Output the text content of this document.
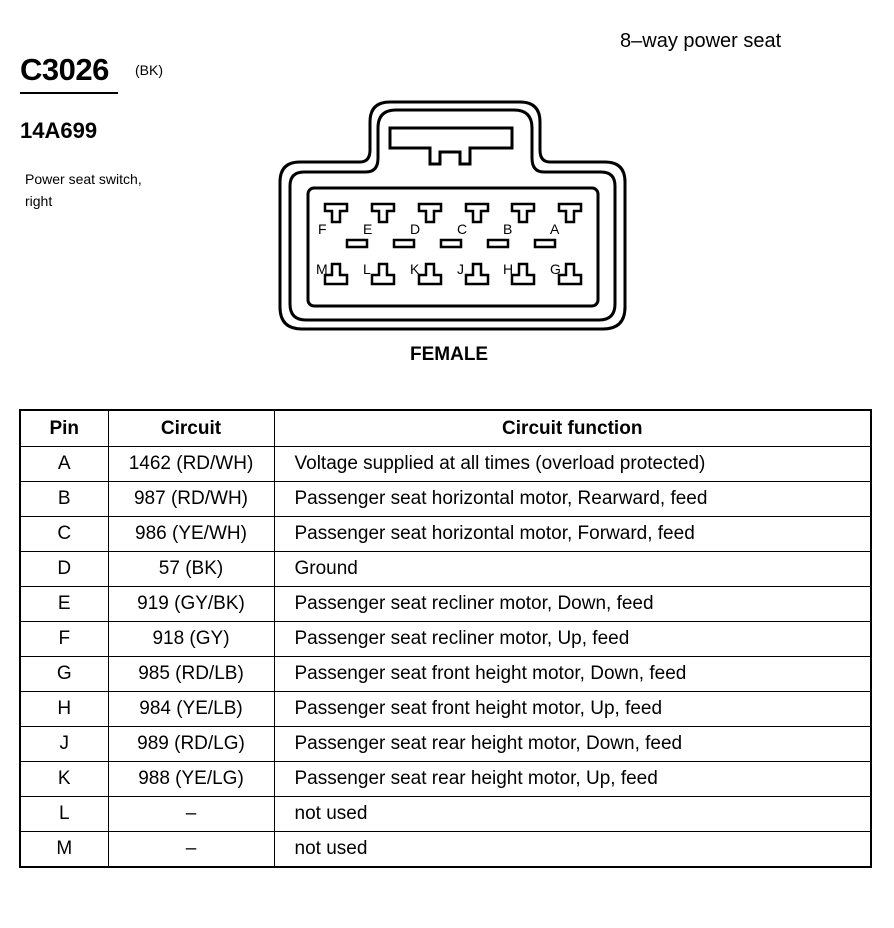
C3026 (BK)
14A699
Power seat switch,
right
8–way power seat
F	E	D	C	B	A
M	L	K	J	H	G
FEMALE
Pin	Circuit	Circuit function
A	1462 (RD/WH)	Voltage supplied at all times (overload protected)
B	987 (RD/WH)	Passenger seat horizontal motor, Rearward, feed
C	986 (YE/WH)	Passenger seat horizontal motor, Forward, feed
D	57 (BK)	Ground
E	919 (GY/BK)	Passenger seat recliner motor, Down, feed
F	918 (GY)	Passenger seat recliner motor, Up, feed
G	985 (RD/LB)	Passenger seat front height motor, Down, feed
H	984 (YE/LB)	Passenger seat front height motor, Up, feed
J	989 (RD/LG)	Passenger seat rear height motor, Down, feed
K	988 (YE/LG)	Passenger seat rear height motor, Up, feed
L	–	not used
M	–	not used
